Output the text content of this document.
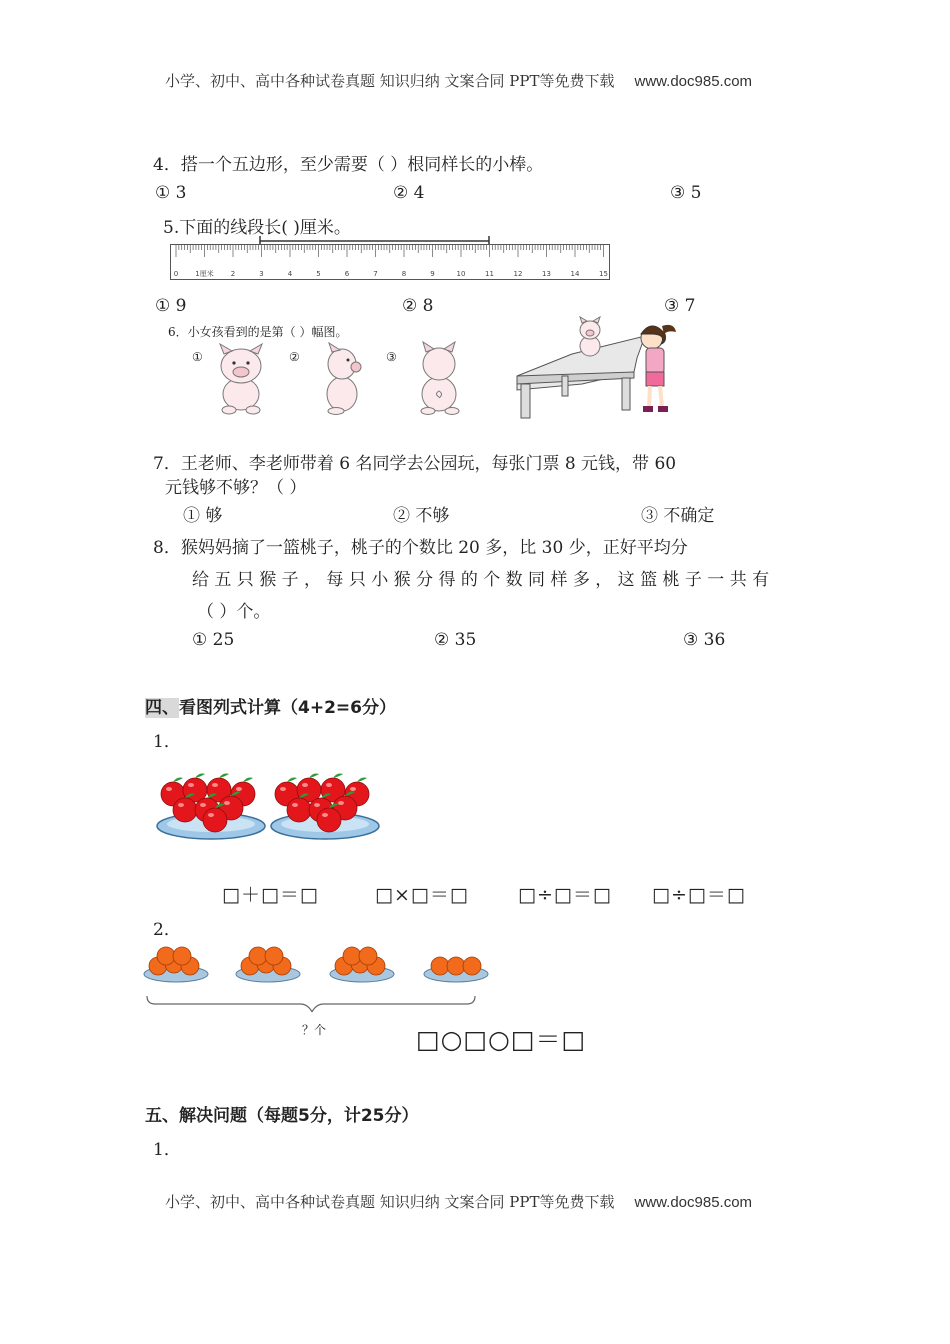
小学、初中、高中各种试卷真题 知识归纳 文案合同 PPT等免费下载 www.doc985.com
4．搭一个五边形，至少需要（ ）根同样长的小棒。
① 3	② 4	③ 5
5.下面的线段长( )厘米。
0 1厘米 2	3	4	5	6	7	8	9	10	11	12	13	14	15
① 9	② 8	③ 7
6．小女孩看到的是第（ ）幅图。
①	②	③
7．王老师、李老师带着 6 名同学去公园玩，每张门票 8 元钱，带 60
元钱够不够？（ ）
① 够	② 不够	③ 不确定
8．猴妈妈摘了一篮桃子，桃子的个数比 20 多，比 30 少，正好平均分
给 五 只 猴 子 ， 每 只 小 猴 分 得 的 个 数 同 样 多 ， 这 篮 桃 子 一 共 有
（ ）个。
① 25	② 35	③ 36
四、看图列式计算（4+2=6分）
1．
□＋□＝□	□×□＝□	□÷□＝□ □÷□＝□
2．
？个	□○□○□＝□
五、解决问题（每题5分，计25分）
1．
小学、初中、高中各种试卷真题 知识归纳 文案合同 PPT等免费下载 www.doc985.com
